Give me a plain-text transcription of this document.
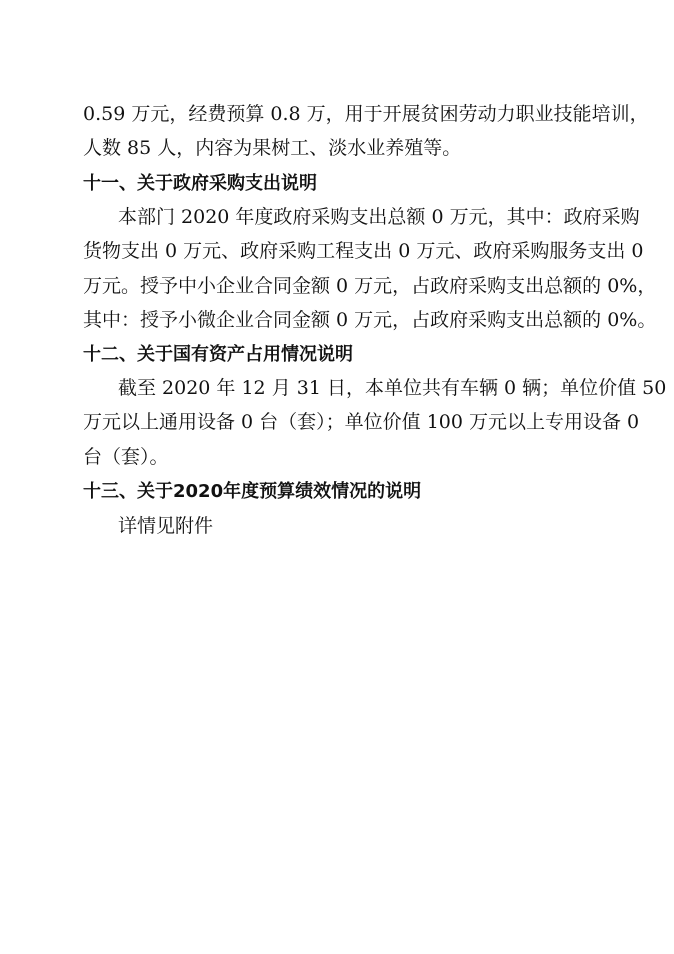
0.59 万元，经费预算 0.8 万，用于开展贫困劳动力职业技能培训，
人数 85 人，内容为果树工、淡水业养殖等。
十一、关于政府采购支出说明
本部门 2020 年度政府采购支出总额 0 万元，其中：政府采购
货物支出 0 万元、政府采购工程支出 0 万元、政府采购服务支出 0
万元。授予中小企业合同金额 0 万元，占政府采购支出总额的 0%，
其中：授予小微企业合同金额 0 万元，占政府采购支出总额的 0%。
十二、关于国有资产占用情况说明
截至 2020 年 12 月 31 日，本单位共有车辆 0 辆；单位价值 50
万元以上通用设备 0 台（套）；单位价值 100 万元以上专用设备 0
台（套）。
十三、关于2020年度预算绩效情况的说明
详情见附件
